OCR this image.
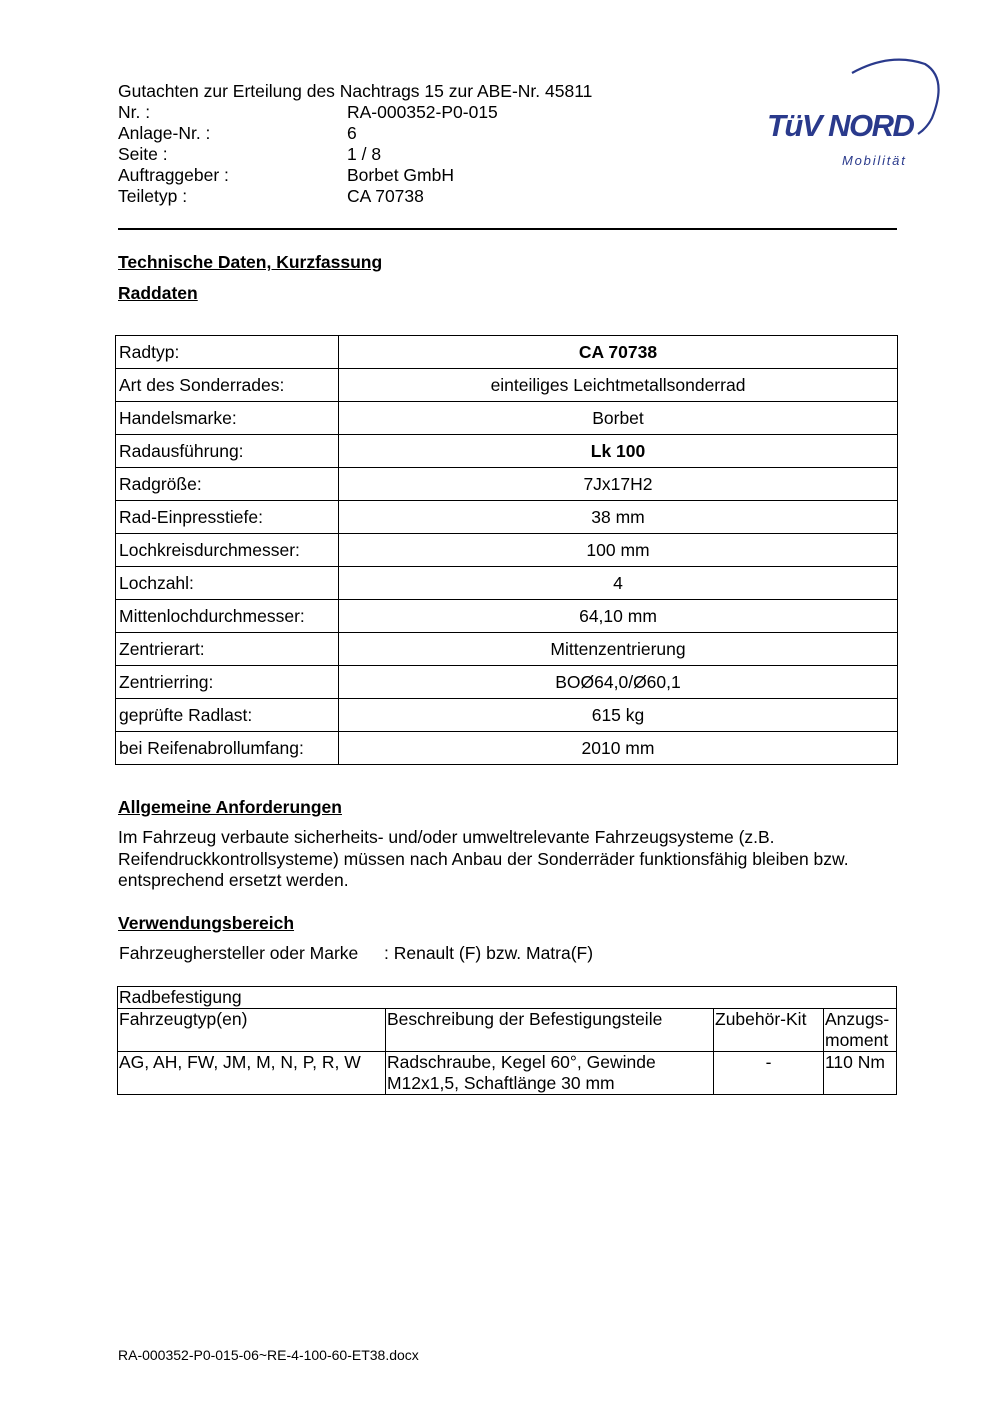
Gutachten zur Erteilung des Nachtrags 15 zur ABE-Nr. 45811
Nr. :	RA-000352-P0-015
Anlage-Nr. :	6
Seite :	1 / 8
Auftraggeber :	Borbet GmbH
Teiletyp :	CA 70738
TüV NORD
Mobilität
Technische Daten, Kurzfassung
Raddaten
Radtyp:	CA 70738
Art des Sonderrades:	einteiliges Leichtmetallsonderrad
Handelsmarke:	Borbet
Radausführung:	Lk 100
Radgröße:	7Jx17H2
Rad-Einpresstiefe:	38 mm
Lochkreisdurchmesser:	100 mm
Lochzahl:	4
Mittenlochdurchmesser:	64,10 mm
Zentrierart:	Mittenzentrierung
Zentrierring:	BOØ64,0/Ø60,1
geprüfte Radlast:	615 kg
bei Reifenabrollumfang:	2010 mm
Allgemeine Anforderungen
Im Fahrzeug verbaute sicherheits- und/oder umweltrelevante Fahrzeugsysteme (z.B. Reifendruckkontrollsysteme) müssen nach Anbau der Sonderräder funktionsfähig bleiben bzw. entsprechend ersetzt werden.
Verwendungsbereich
Fahrzeughersteller oder Marke	: Renault (F) bzw. Matra(F)
Radbefestigung			
Fahrzeugtyp(en)	Beschreibung der Befestigungsteile	Zubehör-Kit	Anzugs-
moment
AG, AH, FW, JM, M, N, P, R, W	Radschraube, Kegel 60°, Gewinde M12x1,5, Schaftlänge 30 mm	-	110 Nm
RA-000352-P0-015-06~RE-4-100-60-ET38.docx
